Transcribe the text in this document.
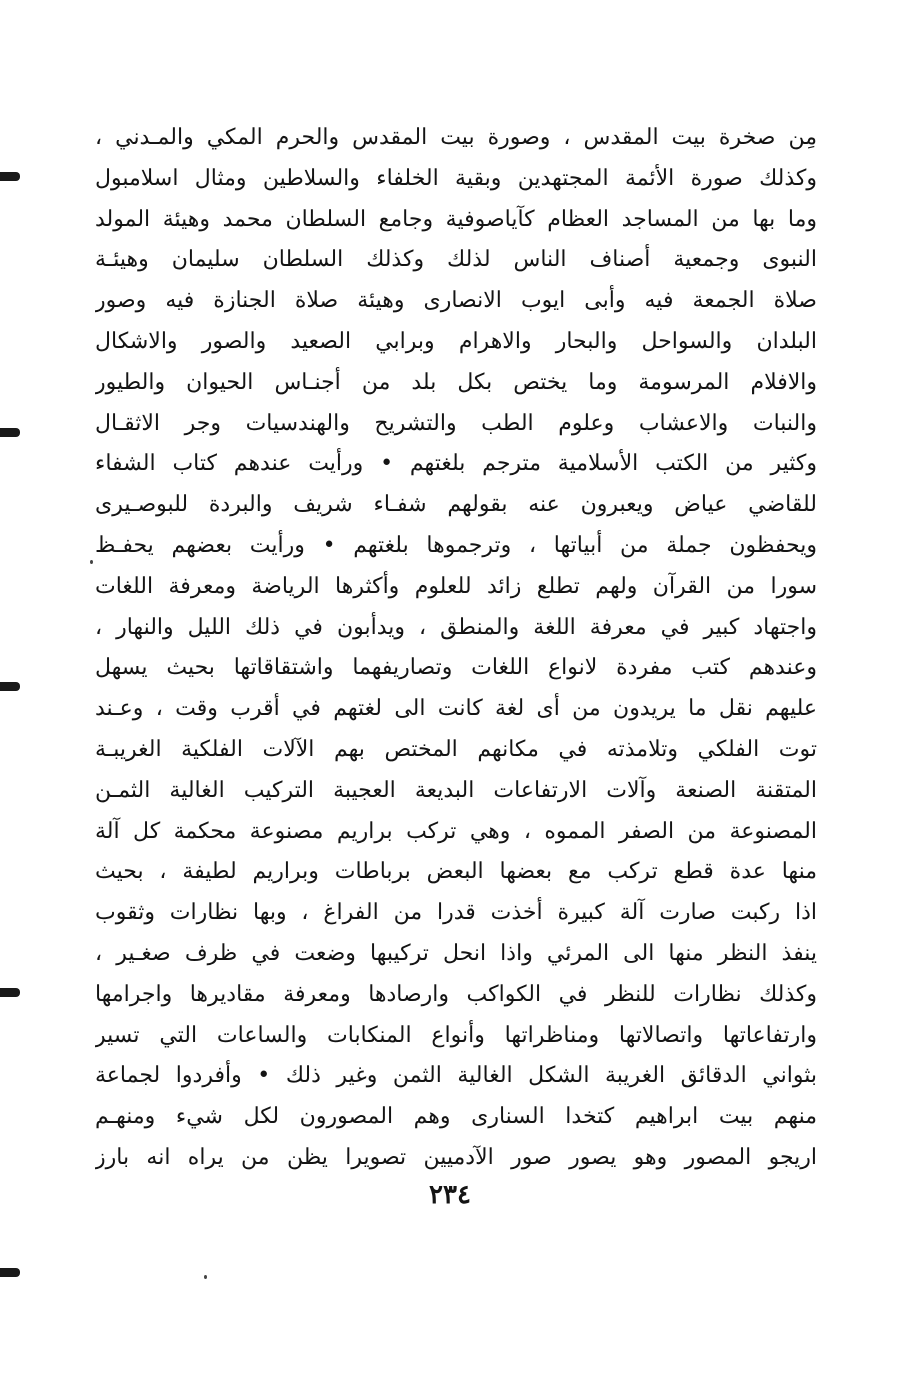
مِن صخرة بيت المقدس ، وصورة بيت المقدس والحرم المكي والمـدني ،
وكذلك صورة الأئمة المجتهدين وبقية الخلفاء والسلاطين ومثال اسلامبول
وما بها من المساجد العظام كآياصوفية وجامع السلطان محمد وهيئة المولد
النبوى وجمعية أصناف الناس لذلك وكذلك السلطان سليمان وهيئـة
صلاة الجمعة فيه وأبى ايوب الانصارى وهيئة صلاة الجنازة فيه وصور
البلدان والسواحل والبحار والاهرام وبرابي الصعيد والصور والاشكال
والافلام المرسومة وما يختص بكل بلد من أجنـاس الحيوان والطيور
والنبات والاعشاب وعلوم الطب والتشريح والهندسيات وجر الاثقـال
وكثير من الكتب الأسلامية مترجم بلغتهم • ورأيت عندهم كتاب الشفاء
للقاضي عياض ويعبرون عنه بقولهم شفـاء شريف والبردة للبوصـيرى
ويحفظون جملة من أبياتها ، وترجموها بلغتهم • ورأيت بعضهم يحفـظ
سورا من القرآن ولهم تطلع زائد للعلوم وأكثرها الرياضة ومعرفة اللغات
واجتهاد كبير في معرفة اللغة والمنطق ، ويدأبون في ذلك الليل والنهار ،
وعندهم كتب مفردة لانواع اللغات وتصاريفهما واشتقاقاتها بحيث يسهل
عليهم نقل ما يريدون من أى لغة كانت الى لغتهم في أقرب وقت ، وعـند
توت الفلكي وتلامذته في مكانهم المختص بهم الآلات الفلكية الغريبـة
المتقنة الصنعة وآلات الارتفاعات البديعة العجيبة التركيب الغالية الثمـن
المصنوعة من الصفر المموه ، وهي تركب براريم مصنوعة محكمة كل آلة
منها عدة قطع تركب مع بعضها البعض برباطات وبراريم لطيفة ، بحيث
اذا ركبت صارت آلة كبيرة أخذت قدرا من الفراغ ، وبها نظارات وثقوب
ينفذ النظر منها الى المرئي واذا انحل تركيبها وضعت في ظرف صغـير ،
وكذلك نظارات للنظر في الكواكب وارصادها ومعرفة مقاديرها واجرامها
وارتفاعاتها واتصالاتها ومناظراتها وأنواع المنكابات والساعات التي تسير
بثواني الدقائق الغريبة الشكل الغالية الثمن وغير ذلك • وأفردوا لجماعة
منهم بيت ابراهيم كتخدا السنارى وهم المصورون لكل شيء ومنهـم
اريجو المصور وهو يصور صور الآدميين تصويرا يظن من يراه انه بارز
٢٣٤
